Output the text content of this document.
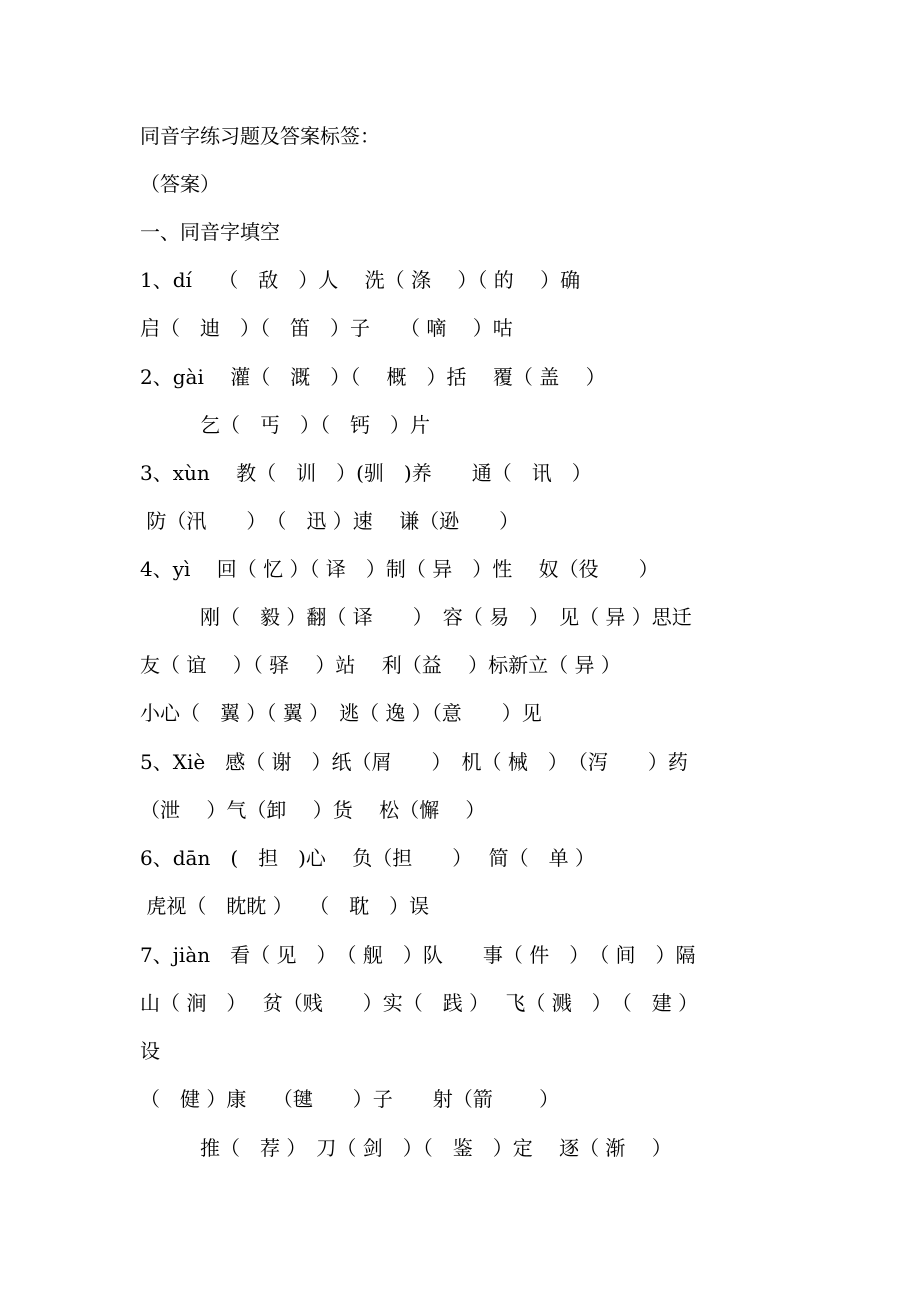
同音字练习题及答案标签：
（答案）
一、同音字填空
1、dí　 （　敌　）人　 洗（ 涤　 ）（ 的　 ）确
启（　迪　）（　笛　）子　　（ 嘀　 ）咕
2、gài　 灌（　溉　）（　 概　）括　 覆（ 盖　 ）
　　　乞（　丐　）（　钙　）片
3、xùn　 教（　训　）(驯　)养　　通（　讯　）
防（汛　　）　（　迅 ）速　 谦（逊　　）
4、yì　 回（ 忆 ）（ 译　）制（ 异　）性　 奴（役　　）
　　　刚（　毅 ）翻（ 译　　）　容（ 易　）　见（ 异 ）思迁
友（ 谊　 ）（ 驿　 ）站　 利（益　 ）标新立（ 异 ）
小心（　翼 ）（ 翼 ）　逃（ 逸 ）（意　　）见
5、Xiè　感（ 谢　）纸（屑　　）　机（ 械　）　（泻　　）药
（泄　 ）气（卸　 ）货　 松（懈　 ）
6、dān　(　担　)心　 负（担　　）　 简（　单 ）
虎视（　眈眈 ）　 （　耽　）误
7、jiàn　看（ 见　）　（ 舰　）队　　事（ 件　）　（ 间　）隔
山（ 涧　）　 贫（贱　　）实（　践 ）　 飞（ 溅　）　（　建 ）
设
（　健 ）康　 （毽　　）子　　射（箭　　 ）
　　　推（　荐 ）　刀（ 剑　）（　鉴　）定　 逐（ 渐　 ）
